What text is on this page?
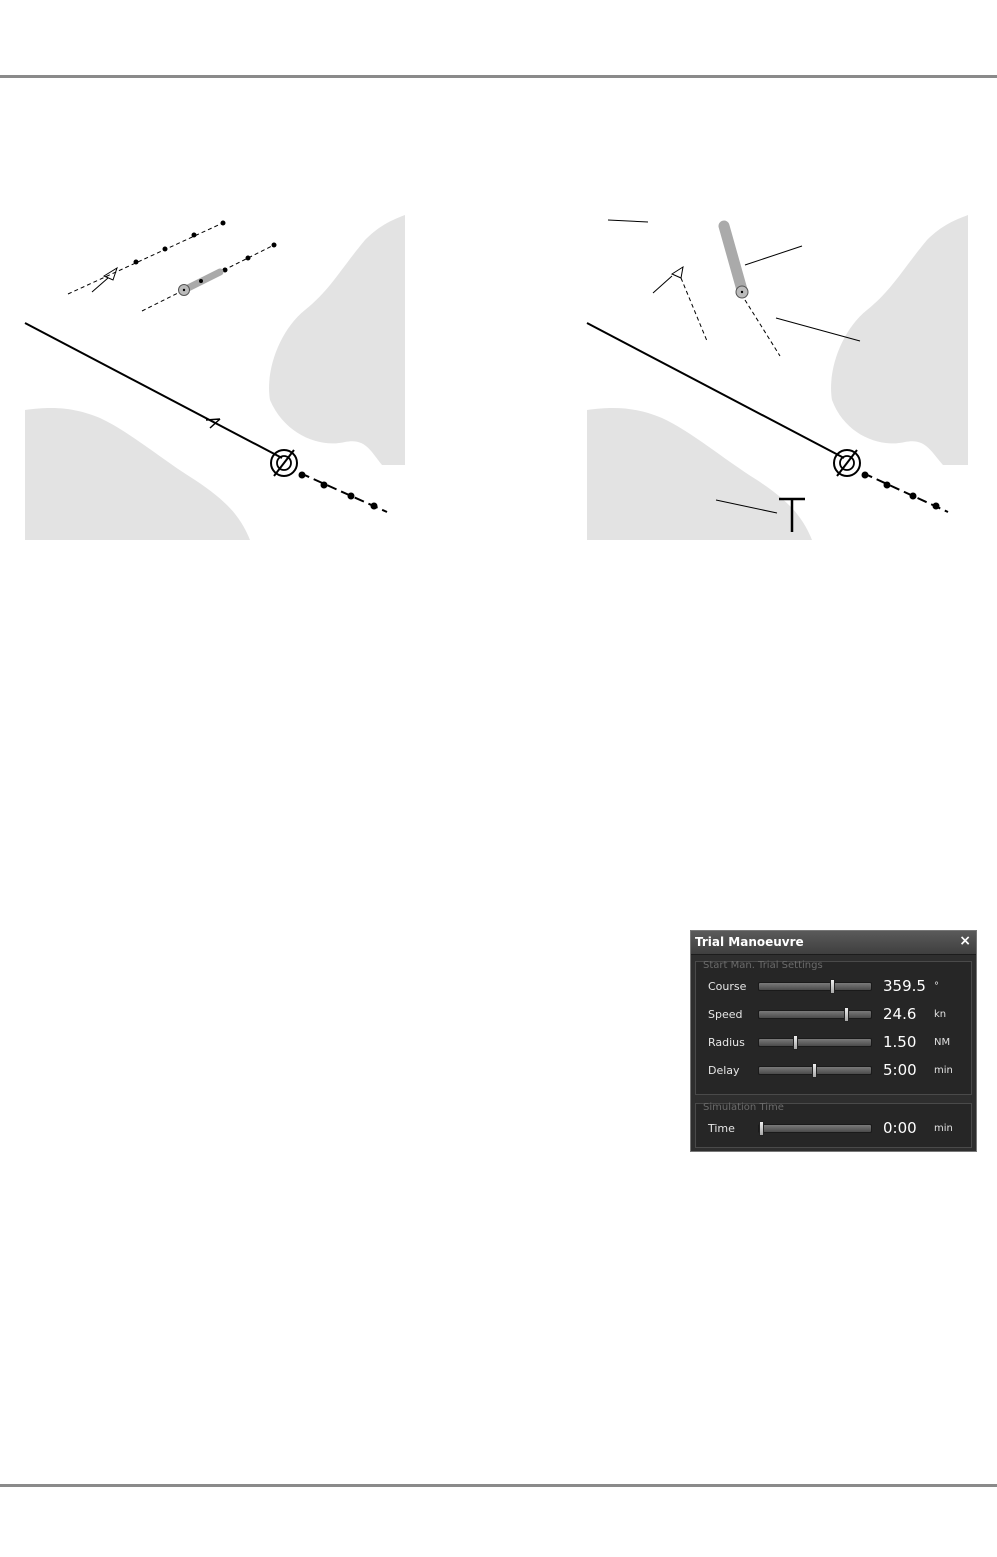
Trial Manoeuvre	×
Start Man. Trial Settings
Course	359.5 °
Speed	24.6 kn
Radius	1.50 NM
Delay	5:00 min
Simulation Time
Time	0:00 min
